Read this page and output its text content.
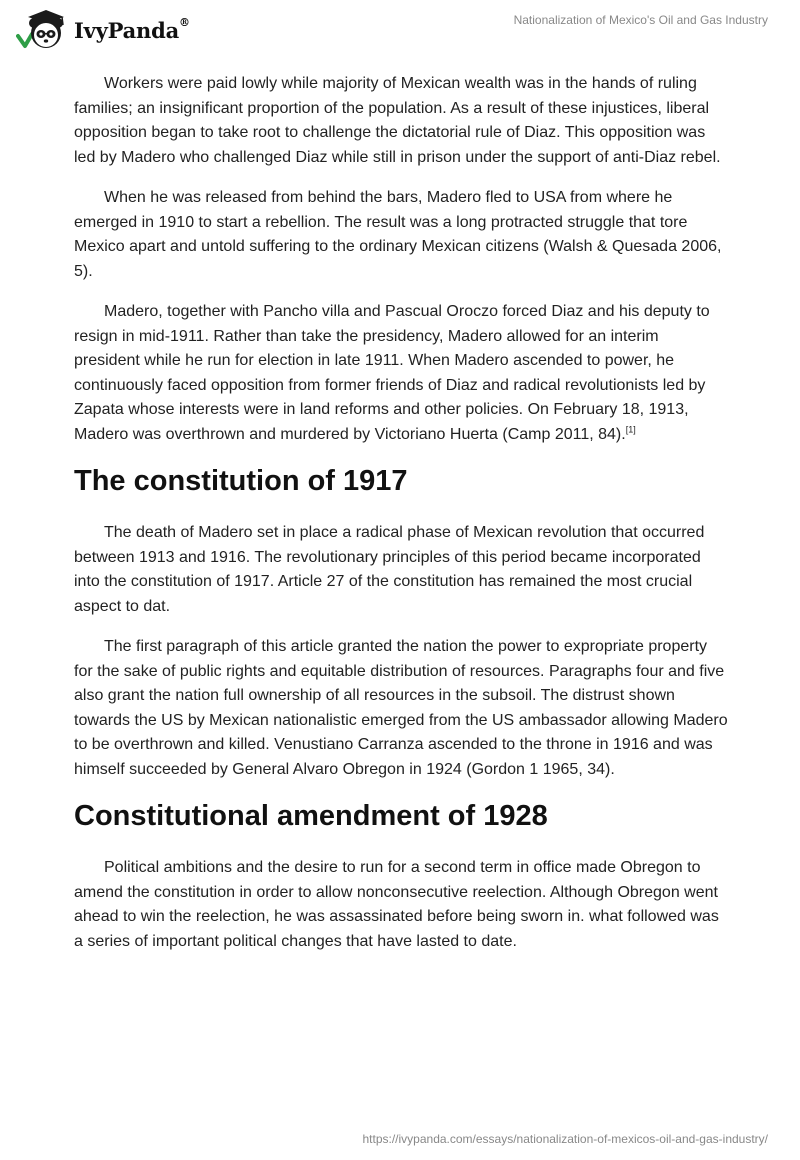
IvyPanda®	Nationalization of Mexico's Oil and Gas Industry

Workers were paid lowly while majority of Mexican wealth was in the hands of ruling families; an insignificant proportion of the population. As a result of these injustices, liberal opposition began to take root to challenge the dictatorial rule of Diaz. This opposition was led by Madero who challenged Diaz while still in prison under the support of anti-Diaz rebel.

When he was released from behind the bars, Madero fled to USA from where he emerged in 1910 to start a rebellion. The result was a long protracted struggle that tore Mexico apart and untold suffering to the ordinary Mexican citizens (Walsh & Quesada 2006, 5).

Madero, together with Pancho villa and Pascual Oroczo forced Diaz and his deputy to resign in mid-1911. Rather than take the presidency, Madero allowed for an interim president while he run for election in late 1911. When Madero ascended to power, he continuously faced opposition from former friends of Diaz and radical revolutionists led by Zapata whose interests were in land reforms and other policies. On February 18, 1913, Madero was overthrown and murdered by Victoriano Huerta (Camp 2011, 84).[1]

The constitution of 1917

The death of Madero set in place a radical phase of Mexican revolution that occurred between 1913 and 1916. The revolutionary principles of this period became incorporated into the constitution of 1917. Article 27 of the constitution has remained the most crucial aspect to dat.

The first paragraph of this article granted the nation the power to expropriate property for the sake of public rights and equitable distribution of resources. Paragraphs four and five also grant the nation full ownership of all resources in the subsoil. The distrust shown towards the US by Mexican nationalistic emerged from the US ambassador allowing Madero to be overthrown and killed. Venustiano Carranza ascended to the throne in 1916 and was himself succeeded by General Alvaro Obregon in 1924 (Gordon 1 1965, 34).

Constitutional amendment of 1928

Political ambitions and the desire to run for a second term in office made Obregon to amend the constitution in order to allow nonconsecutive reelection. Although Obregon went ahead to win the reelection, he was assassinated before being sworn in. what followed was a series of important political changes that have lasted to date.

https://ivypanda.com/essays/nationalization-of-mexicos-oil-and-gas-industry/
